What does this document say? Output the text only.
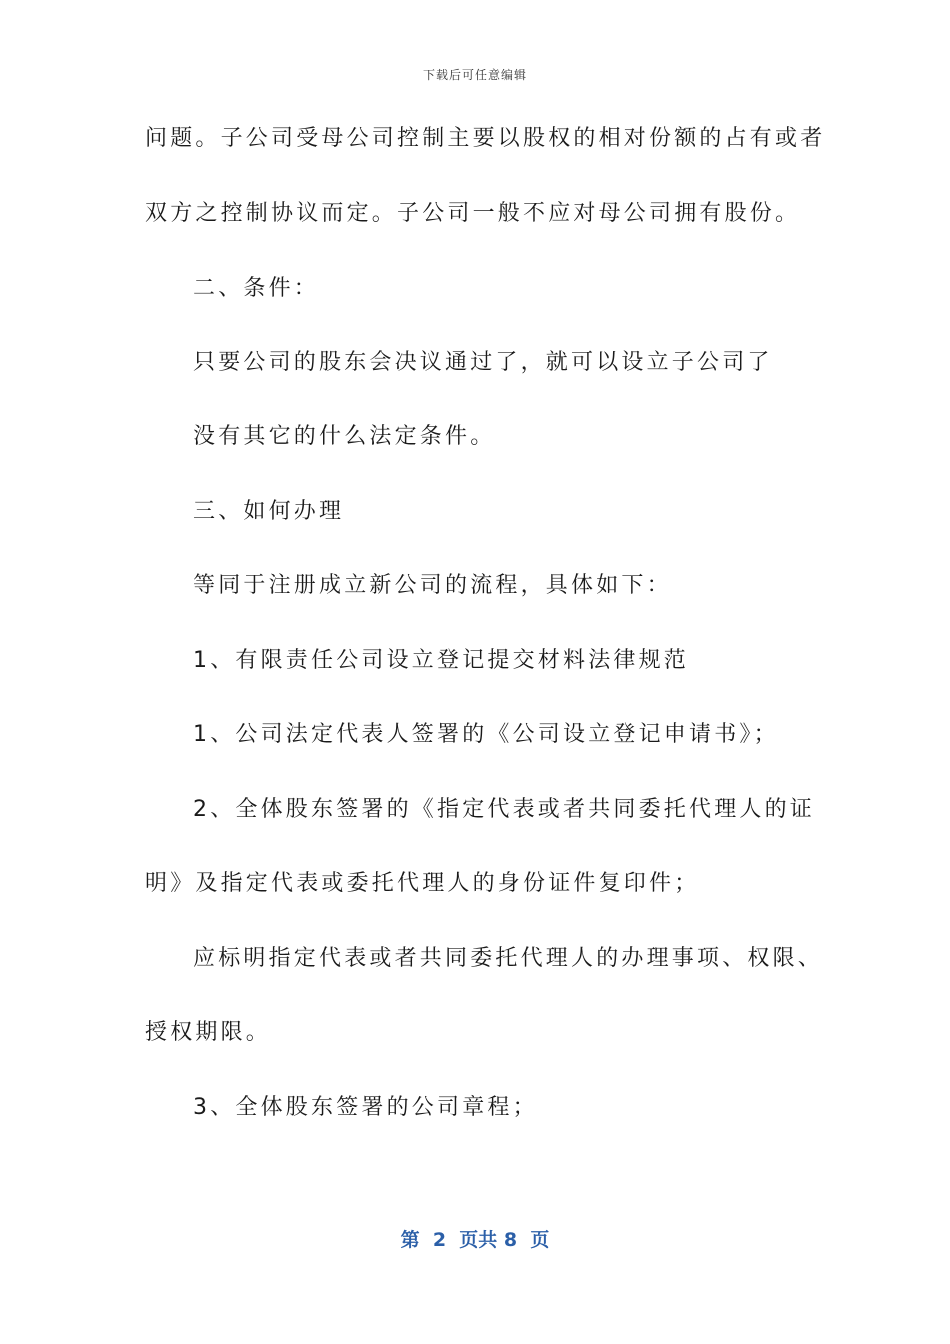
下载后可任意编辑
问题。子公司受母公司控制主要以股权的相对份额的占有或者
双方之控制协议而定。子公司一般不应对母公司拥有股份。
二、条件：
只要公司的股东会决议通过了，就可以设立子公司了
没有其它的什么法定条件。
三、如何办理
等同于注册成立新公司的流程，具体如下：
1、有限责任公司设立登记提交材料法律规范
1、公司法定代表人签署的《公司设立登记申请书》；
2、全体股东签署的《指定代表或者共同委托代理人的证
明》及指定代表或委托代理人的身份证件复印件；
应标明指定代表或者共同委托代理人的办理事项、权限、
授权期限。
3、全体股东签署的公司章程；
第  2  页共 8  页
